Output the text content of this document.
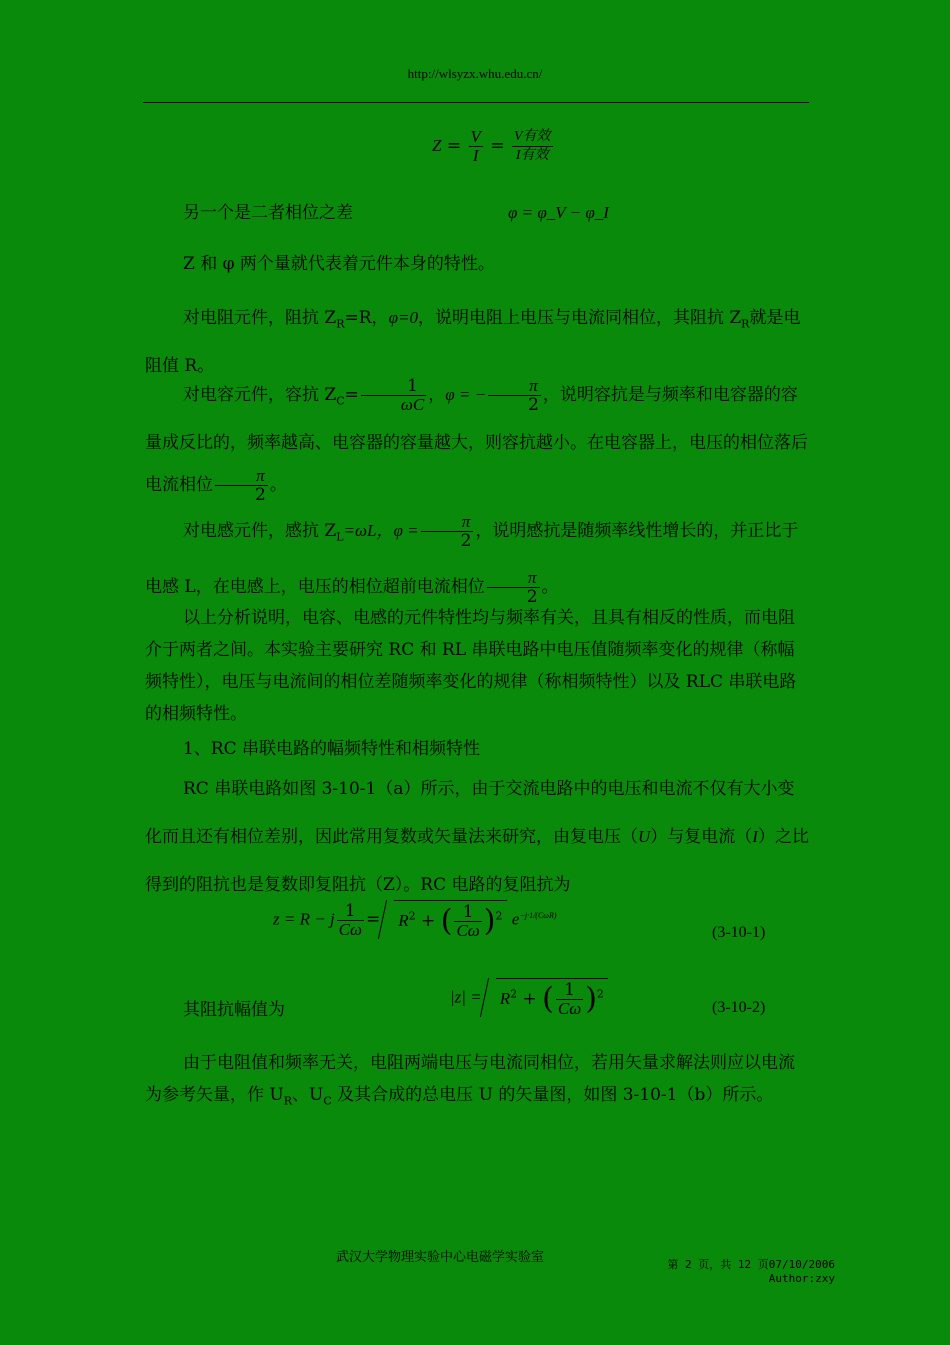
http://wlsyzx.whu.edu.cn/
$Z = \frac{V}{I} = \frac{\text{V有效}}{\text{I有效}}$
另一个是二者相位之差	φ = φ_V − φ_I
Z 和 φ 两个量就代表着元件本身的特性。
对电阻元件，阻抗 $Z_R=R$，φ=0，说明电阻上电压与电流同相位，其阻抗 $Z_R$就是电阻值 R。
对电容元件，容抗 $Z_C= \frac{1}{\omega C}$ ，φ = − $\frac{\pi}{2}$ ，说明容抗是与频率和电容器的容量成反比的，频率越高、电容器的容量越大，则容抗越小。在电容器上，电压的相位落后电流相位 $\frac{\pi}{2}$ 。
对电感元件，感抗 $Z_L=\omega L$，$\varphi = \frac{\pi}{2}$ ，说明感抗是随频率线性增长的，并正比于电感 L，在电感上，电压的相位超前电流相位 $\frac{\pi}{2}$ 。
以上分析说明，电容、电感的元件特性均与频率有关，且具有相反的性质，而电阻介于两者之间。本实验主要研究 RC 和 RL 串联电路中电压值随频率变化的规律（称幅频特性），电压与电流间的相位差随频率变化的规律（称相频特性）以及 RLC 串联电路的相频特性。
1、RC 串联电路的幅频特性和相频特性
RC 串联电路如图 3-10-1（a）所示，由于交流电路中的电压和电流不仅有大小变化而且还有相位差别，因此常用复数或矢量法来研究，由复电压（U）与复电流（I）之比得到的阻抗也是复数即复阻抗（Z）。RC 电路的复阻抗为
z = R − j $\frac{1}{C\omega} = R^2$ + ( $\frac{1}{C\omega} )^2$ $e^{-j\cdot 1/(C\omega R)}$
(3-10-1)
其阻抗幅值为
$|z| = R^2$ + ( $\frac{1}{C\omega} )^2$
(3-10-2)
由于电阻值和频率无关，电阻两端电压与电流同相位，若用矢量求解法则应以电流为参考矢量，作 $U_R$、$U_C$ 及其合成的总电压 U 的矢量图，如图 3-10-1（b）所示。
武汉大学物理实验中心电磁学实验室	第 2 页，共 12 页07/10/2006
Author:zxy
